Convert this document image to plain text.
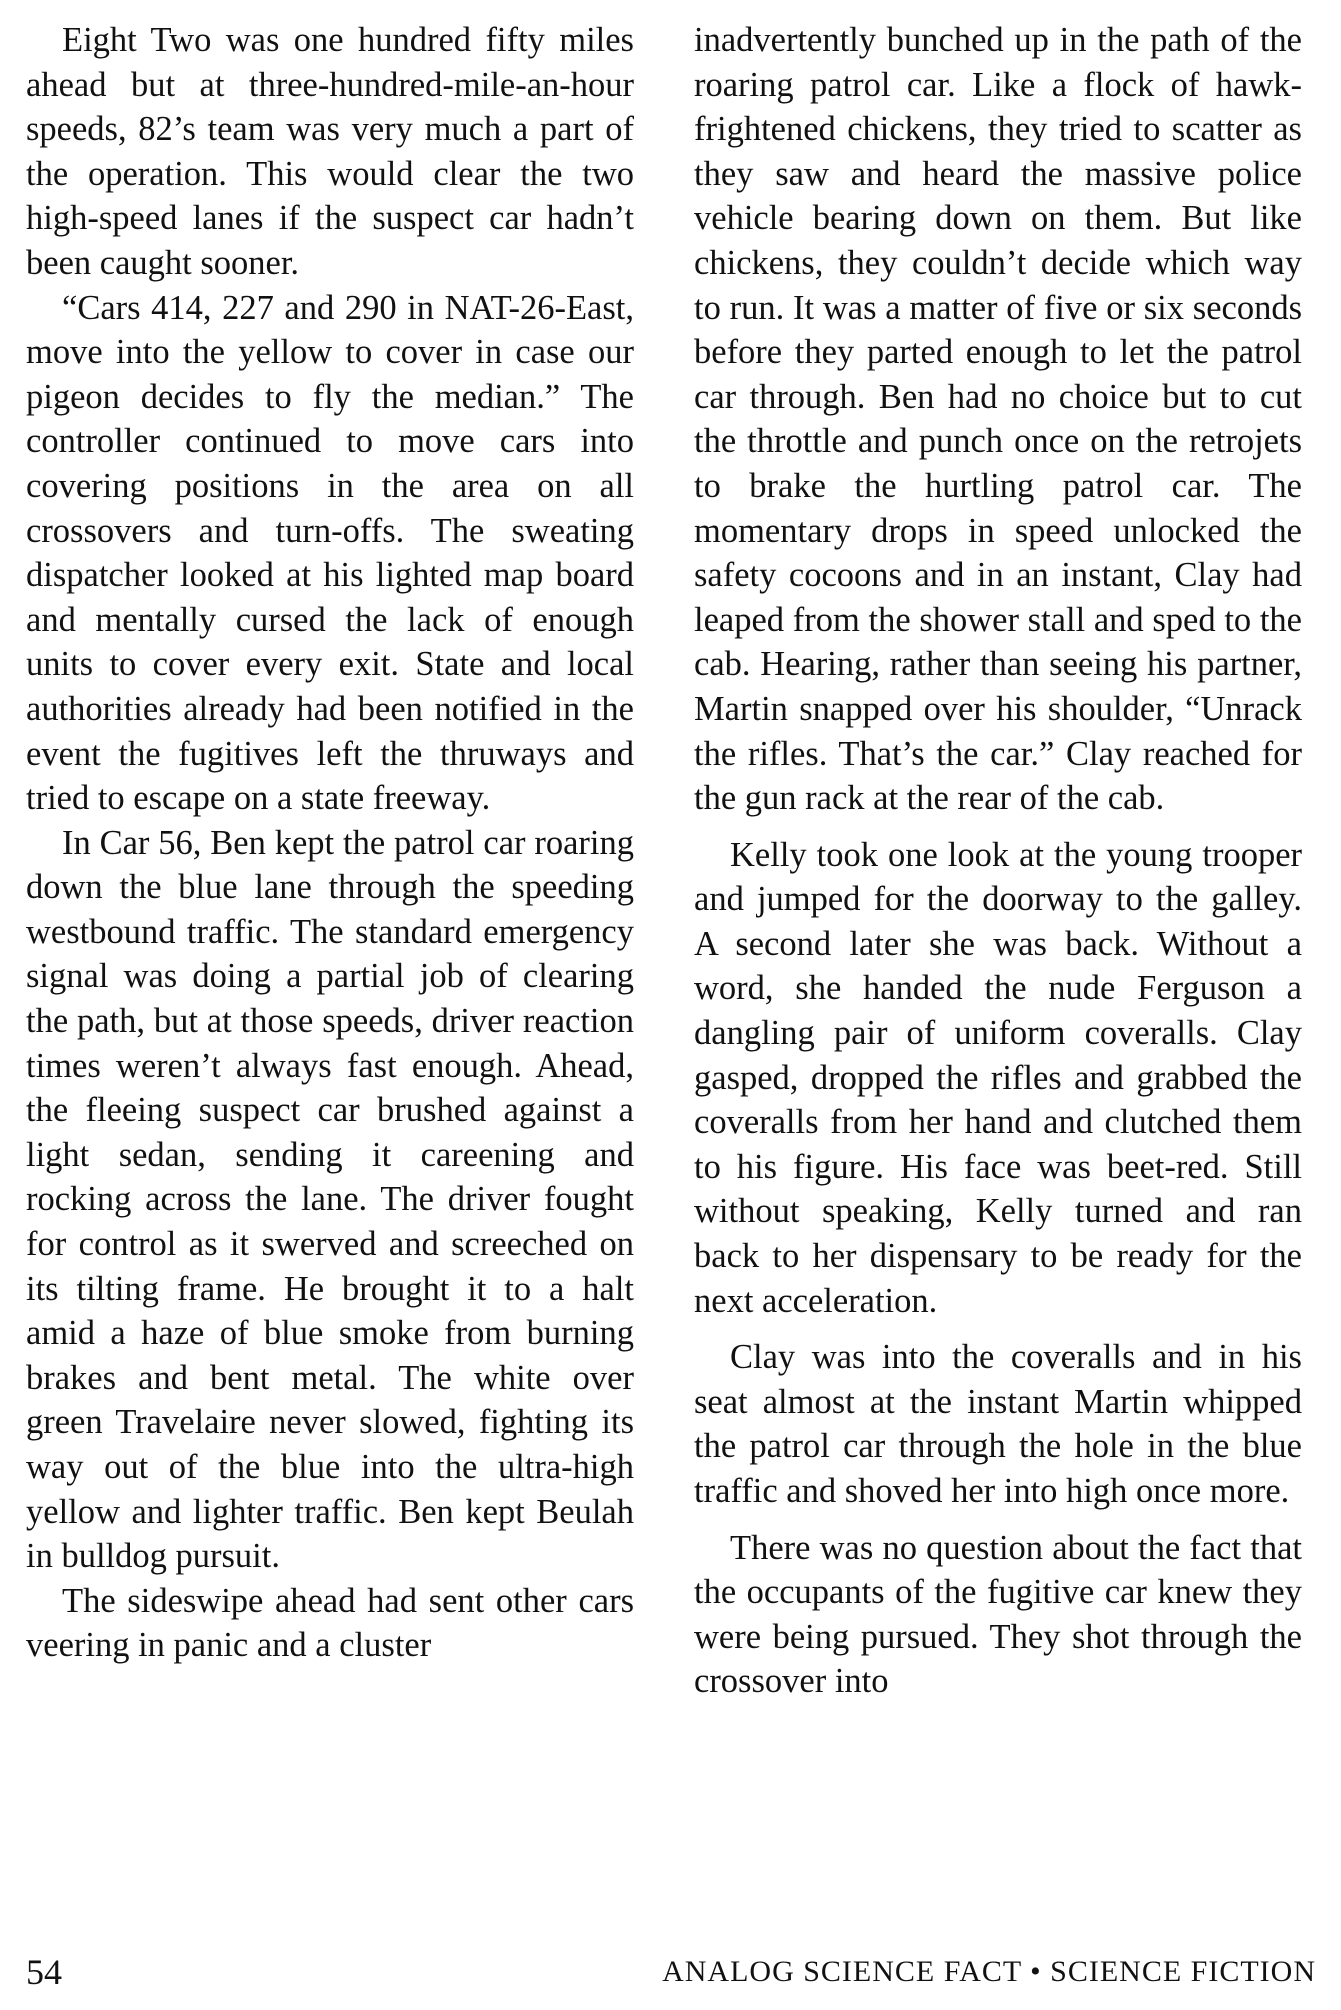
Eight Two was one hundred fifty miles ahead but at three-hundred-mile-an-hour speeds, 82’s team was very much a part of the operation. This would clear the two high-speed lanes if the suspect car hadn’t been caught sooner.

“Cars 414, 227 and 290 in NAT-26-East, move into the yellow to cover in case our pigeon decides to fly the median.” The controller continued to move cars into covering positions in the area on all crossovers and turn-offs. The sweating dispatcher looked at his lighted map board and mentally cursed the lack of enough units to cover every exit. State and local authorities already had been notified in the event the fugitives left the thruways and tried to escape on a state freeway.

In Car 56, Ben kept the patrol car roaring down the blue lane through the speeding westbound traffic. The standard emergency signal was doing a partial job of clearing the path, but at those speeds, driver reaction times weren’t always fast enough. Ahead, the fleeing suspect car brushed against a light sedan, sending it careening and rocking across the lane. The driver fought for control as it swerved and screeched on its tilting frame. He brought it to a halt amid a haze of blue smoke from burning brakes and bent metal. The white over green Travelaire never slowed, fighting its way out of the blue into the ultra-high yellow and lighter traffic. Ben kept Beulah in bulldog pursuit.

The sideswipe ahead had sent other cars veering in panic and a cluster

inadvertently bunched up in the path of the roaring patrol car. Like a flock of hawk-frightened chickens, they tried to scatter as they saw and heard the massive police vehicle bearing down on them. But like chickens, they couldn’t decide which way to run. It was a matter of five or six seconds before they parted enough to let the patrol car through. Ben had no choice but to cut the throttle and punch once on the retrojets to brake the hurtling patrol car. The momentary drops in speed unlocked the safety cocoons and in an instant, Clay had leaped from the shower stall and sped to the cab. Hearing, rather than seeing his partner, Martin snapped over his shoulder, “Unrack the rifles. That’s the car.” Clay reached for the gun rack at the rear of the cab.

Kelly took one look at the young trooper and jumped for the doorway to the galley. A second later she was back. Without a word, she handed the nude Ferguson a dangling pair of uniform coveralls. Clay gasped, dropped the rifles and grabbed the coveralls from her hand and clutched them to his figure. His face was beet-red. Still without speaking, Kelly turned and ran back to her dispensary to be ready for the next acceleration.

Clay was into the coveralls and in his seat almost at the instant Martin whipped the patrol car through the hole in the blue traffic and shoved her into high once more.

There was no question about the fact that the occupants of the fugitive car knew they were being pursued. They shot through the crossover into

54	ANALOG SCIENCE FACT • SCIENCE FICTION
